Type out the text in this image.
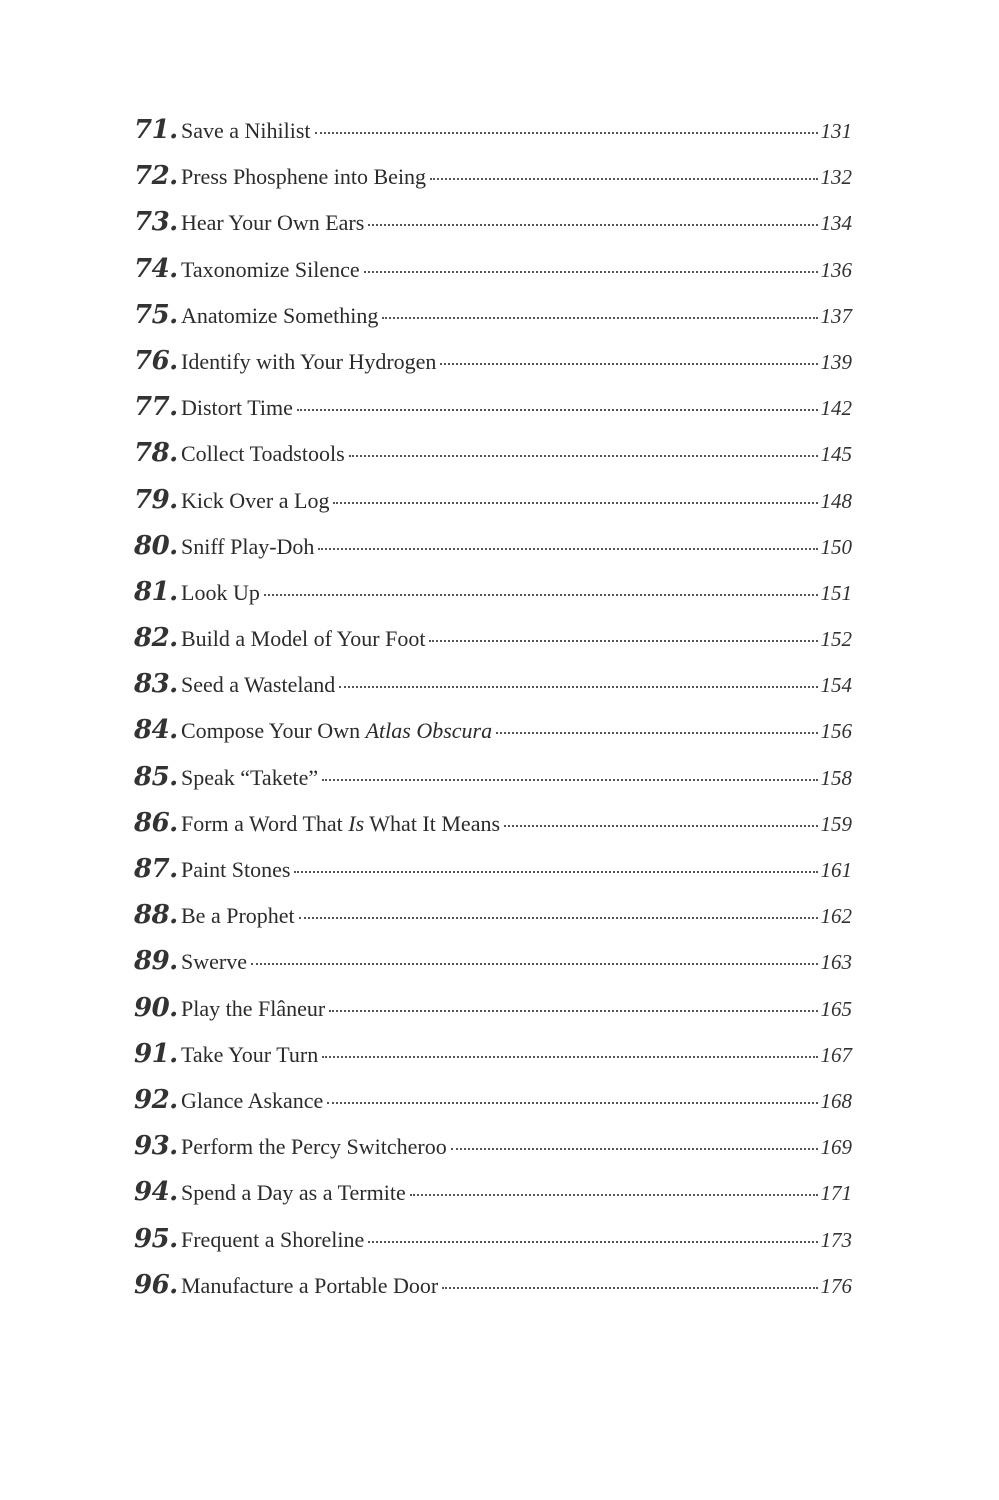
71. Save a Nihilist	131
72. Press Phosphene into Being	132
73. Hear Your Own Ears	134
74. Taxonomize Silence	136
75. Anatomize Something	137
76. Identify with Your Hydrogen	139
77. Distort Time	142
78. Collect Toadstools	145
79. Kick Over a Log	148
80. Sniff Play-Doh	150
81. Look Up	151
82. Build a Model of Your Foot	152
83. Seed a Wasteland	154
84. Compose Your Own Atlas Obscura	156
85. Speak “Takete”	158
86. Form a Word That Is What It Means	159
87. Paint Stones	161
88. Be a Prophet	162
89. Swerve	163
90. Play the Flâneur	165
91. Take Your Turn	167
92. Glance Askance	168
93. Perform the Percy Switcheroo	169
94. Spend a Day as a Termite	171
95. Frequent a Shoreline	173
96. Manufacture a Portable Door	176
